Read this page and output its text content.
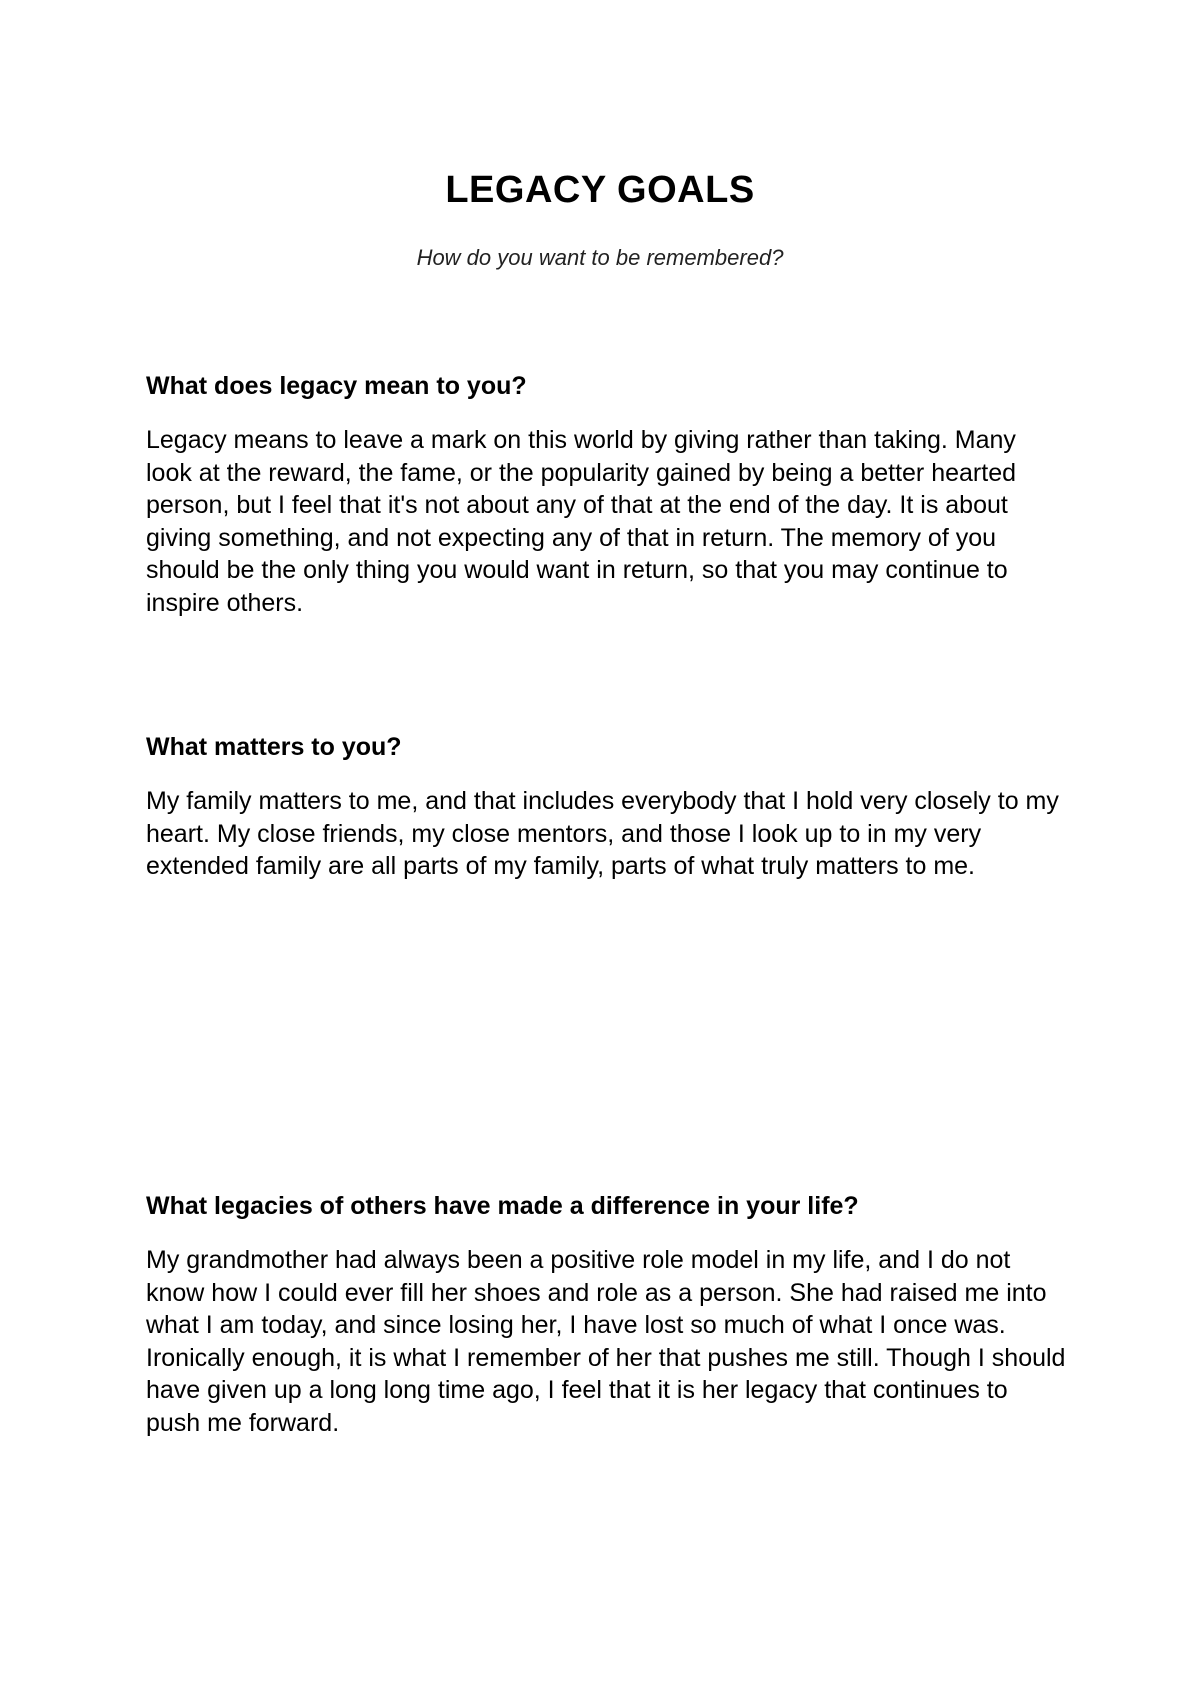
LEGACY GOALS

How do you want to be remembered?

What does legacy mean to you?

Legacy means to leave a mark on this world by giving rather than taking. Many look at the reward, the fame, or the popularity gained by being a better hearted person, but I feel that it's not about any of that at the end of the day. It is about giving something, and not expecting any of that in return. The memory of you should be the only thing you would want in return, so that you may continue to inspire others.

What matters to you?

My family matters to me, and that includes everybody that I hold very closely to my heart. My close friends, my close mentors, and those I look up to in my very extended family are all parts of my family, parts of what truly matters to me.

What legacies of others have made a difference in your life?

My grandmother had always been a positive role model in my life, and I do not know how I could ever fill her shoes and role as a person. She had raised me into what I am today, and since losing her, I have lost so much of what I once was. Ironically enough, it is what I remember of her that pushes me still. Though I should have given up a long long time ago, I feel that it is her legacy that continues to push me forward.
